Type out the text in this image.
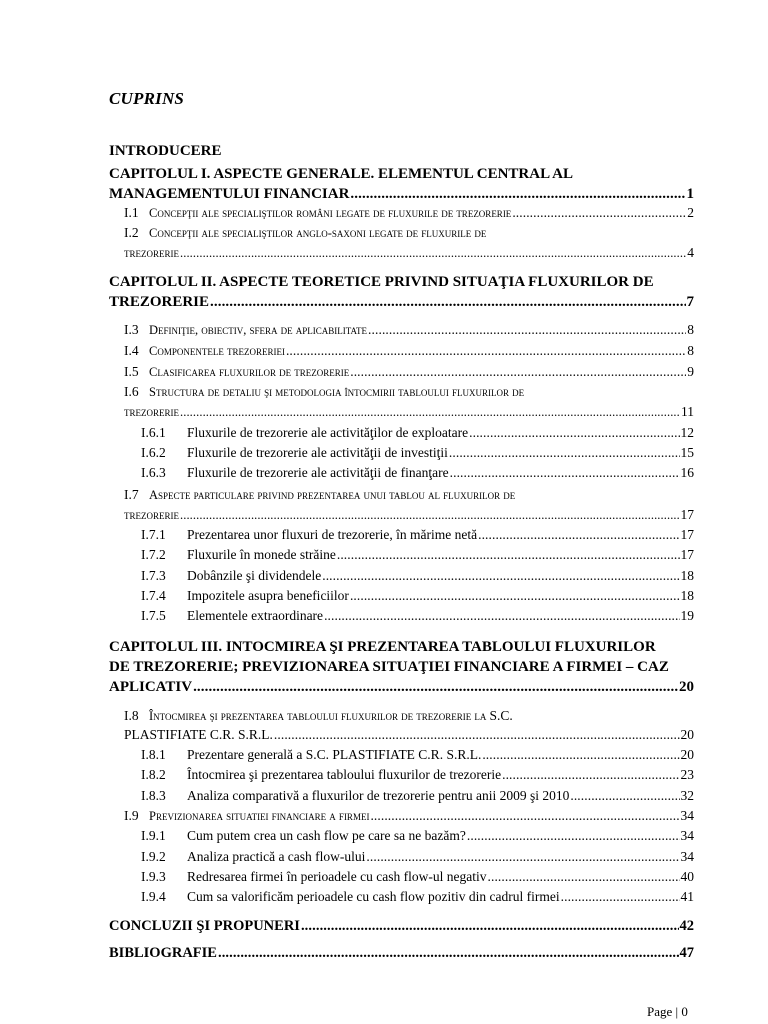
CUPRINS
INTRODUCERE
CAPITOLUL I. ASPECTE GENERALE. ELEMENTUL CENTRAL AL
MANAGEMENTULUI FINANCIAR .....	1
I.1 Concepţii ale specialiştilor români legate de fluxurile de trezorerie .....	2
I.2 Concepţii ale specialiştilor anglo-saxoni legate de fluxurile de
trezorerie .....	4
CAPITOLUL II. ASPECTE TEORETICE PRIVIND SITUAŢIA FLUXURILOR DE
TREZORERIE .....	7
I.3 Definiţie, obiectiv, sfera de aplicabilitate .....	8
I.4 Componentele trezoreriei .....	8
I.5 Clasificarea fluxurilor de trezorerie .....	9
I.6 Structura de detaliu şi metodologia întocmirii tabloului fluxurilor de
trezorerie .....	11
I.6.1	Fluxurile de trezorerie ale activităţilor de exploatare .....	12
I.6.2	Fluxurile de trezorerie ale activităţii de investiţii .....	15
I.6.3	Fluxurile de trezorerie ale activităţii de finanţare .....	16
I.7 Aspecte particulare privind prezentarea unui tablou al fluxurilor de
trezorerie .....	17
I.7.1	Prezentarea unor fluxuri de trezorerie, în mărime netă .....	17
I.7.2	Fluxurile în monede străine .....	17
I.7.3	Dobânzile şi dividendele .....	18
I.7.4	Impozitele asupra beneficiilor .....	18
I.7.5	Elementele extraordinare .....	19
CAPITOLUL III. INTOCMIREA ŞI PREZENTAREA TABLOULUI FLUXURILOR
DE TREZORERIE; PREVIZIONAREA SITUAŢIEI FINANCIARE A FIRMEI – CAZ
APLICATIV .....	20
I.8 Întocmirea şi prezentarea tabloului fluxurilor de trezorerie la S.C.
PLASTIFIATE C.R. S.R.L. .....	20
I.8.1	Prezentare generală a S.C. PLASTIFIATE C.R. S.R.L. .....	20
I.8.2	Întocmirea şi prezentarea tabloului fluxurilor de trezorerie .....	23
I.8.3	Analiza comparativă a fluxurilor de trezorerie pentru anii 2009 şi 2010 .....	32
I.9 Previzionarea situatiei financiare a firmei .....	34
I.9.1	Cum putem crea un cash flow pe care sa ne bazăm? .....	34
I.9.2	Analiza practică a cash flow-ului .....	34
I.9.3	Redresarea firmei în perioadele cu cash flow-ul negativ .....	40
I.9.4	Cum sa valorificăm perioadele cu cash flow pozitiv din cadrul firmei .....	41
CONCLUZII ŞI PROPUNERI .....	42
BIBLIOGRAFIE .....	47
Page | 0
